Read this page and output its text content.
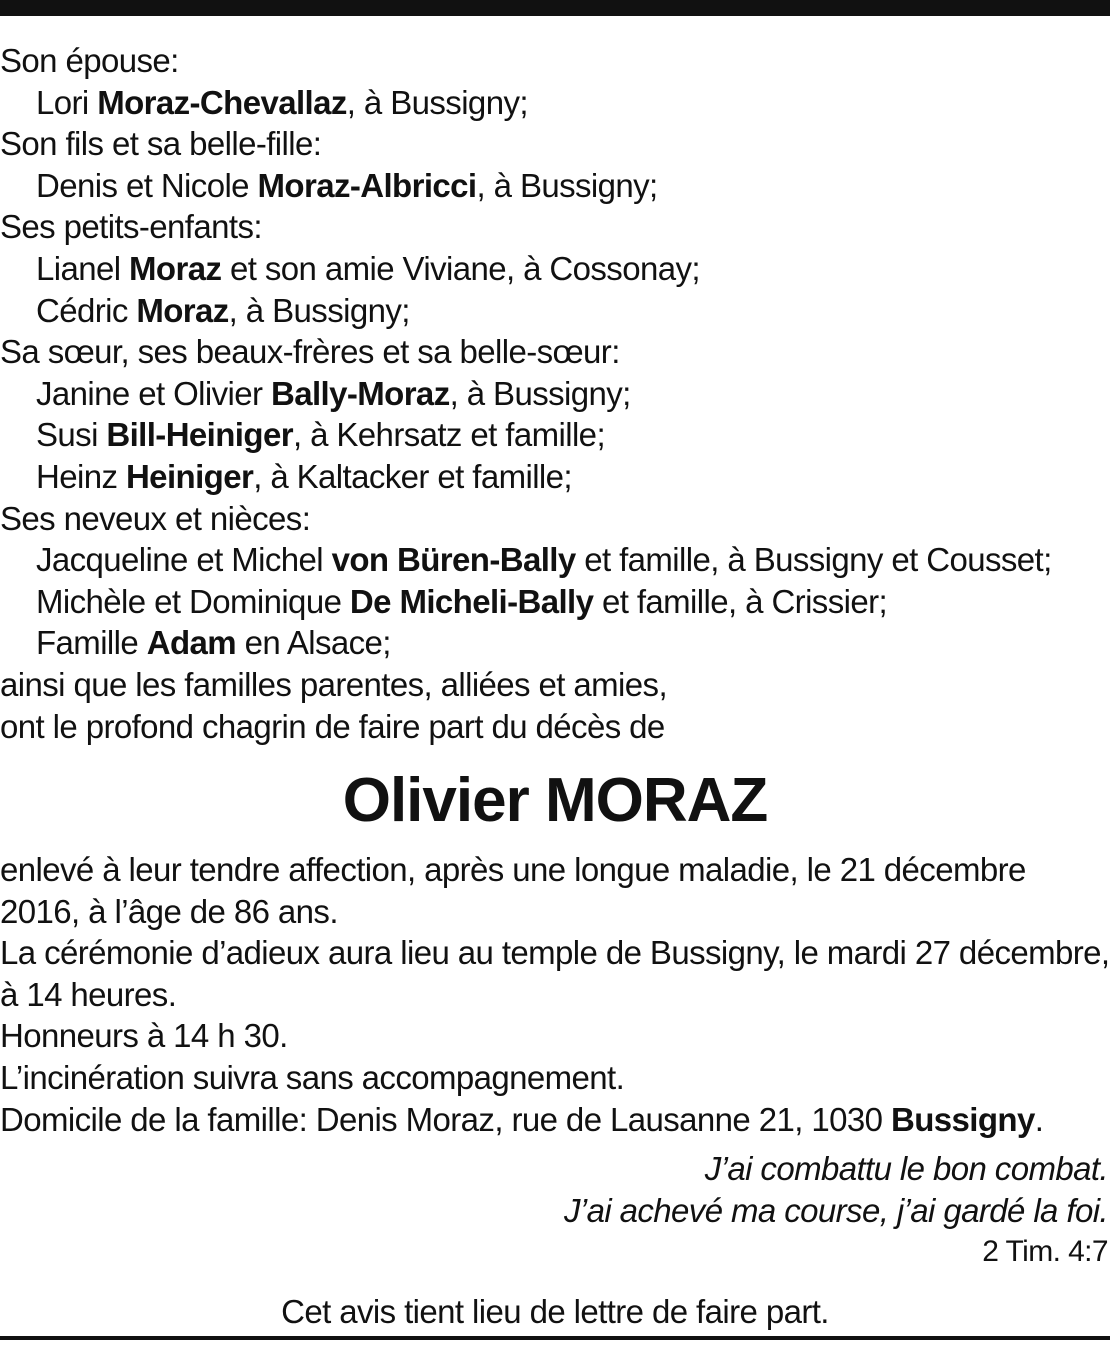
Son épouse:
Lori Moraz-Chevallaz, à Bussigny;
Son fils et sa belle-fille:
Denis et Nicole Moraz-Albricci, à Bussigny;
Ses petits-enfants:
Lianel Moraz et son amie Viviane, à Cossonay;
Cédric Moraz, à Bussigny;
Sa sœur, ses beaux-frères et sa belle-sœur:
Janine et Olivier Bally-Moraz, à Bussigny;
Susi Bill-Heiniger, à Kehrsatz et famille;
Heinz Heiniger, à Kaltacker et famille;
Ses neveux et nièces:
Jacqueline et Michel von Büren-Bally et famille, à Bussigny et Cousset;
Michèle et Dominique De Micheli-Bally et famille, à Crissier;
Famille Adam en Alsace;
ainsi que les familles parentes, alliées et amies,
ont le profond chagrin de faire part du décès de
Olivier MORAZ
enlevé à leur tendre affection, après une longue maladie, le 21 décembre 2016, à l’âge de 86 ans.
La cérémonie d’adieux aura lieu au temple de Bussigny, le mardi 27 décembre, à 14 heures.
Honneurs à 14 h 30.
L’incinération suivra sans accompagnement.
Domicile de la famille: Denis Moraz, rue de Lausanne 21, 1030 Bussigny.
J’ai combattu le bon combat.
J’ai achevé ma course, j’ai gardé la foi.
2 Tim. 4:7
Cet avis tient lieu de lettre de faire part.
